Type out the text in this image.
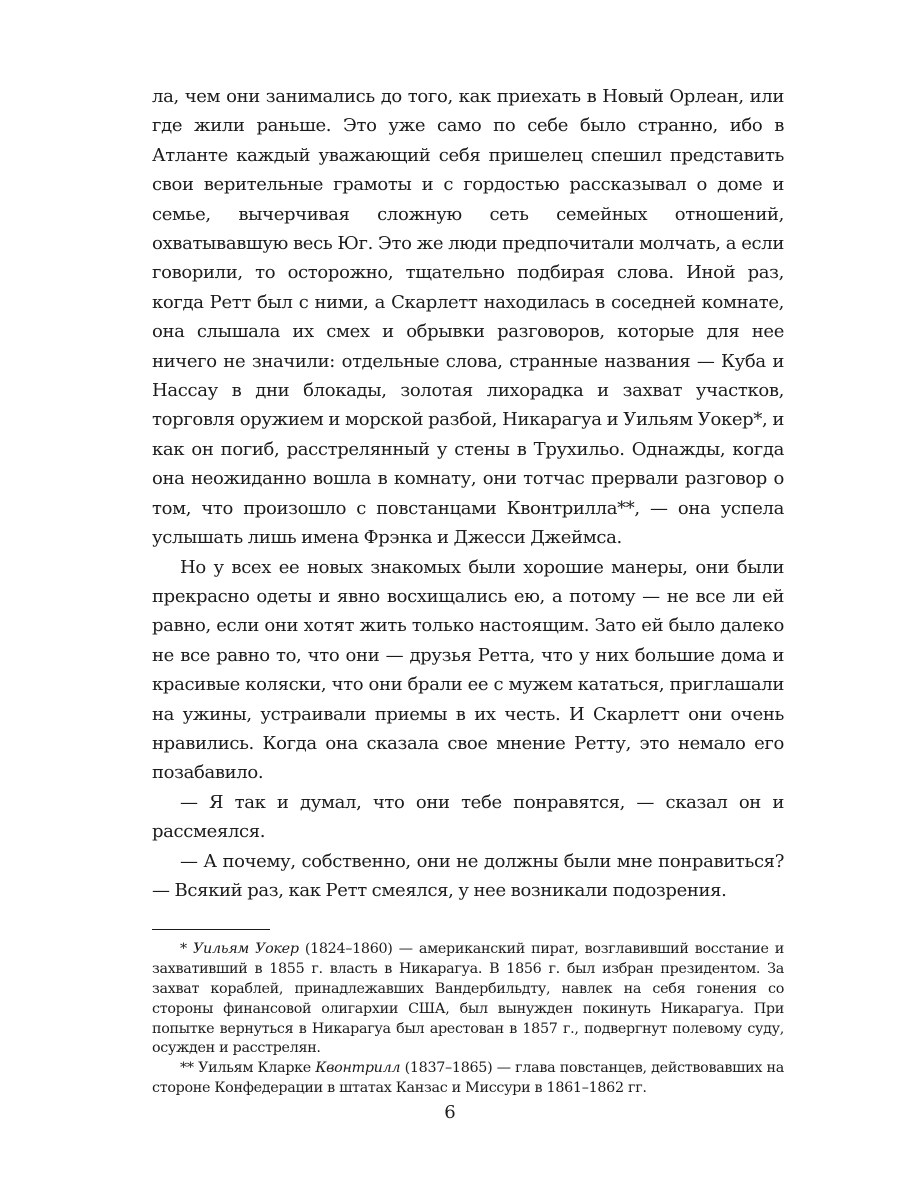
ла, чем они занимались до того, как приехать в Новый Орлеан, или где жили раньше. Это уже само по себе было странно, ибо в Атланте каждый уважающий себя пришелец спешил представить свои верительные грамоты и с гордостью рассказывал о доме и семье, вычерчивая сложную сеть семейных отношений, охватывавшую весь Юг. Это же люди предпочитали молчать, а если говорили, то осторожно, тщательно подбирая слова. Иной раз, когда Ретт был с ними, а Скарлетт находилась в соседней комнате, она слышала их смех и обрывки разговоров, которые для нее ничего не значили: отдельные слова, странные названия — Куба и Нассау в дни блокады, золотая лихорадка и захват участков, торговля оружием и морской разбой, Никарагуа и Уильям Уокер*, и как он погиб, расстрелянный у стены в Трухильо. Однажды, когда она неожиданно вошла в комнату, они тотчас прервали разговор о том, что произошло с повстанцами Квонтрилла**, — она успела услышать лишь имена Фрэнка и Джесси Джеймса.

Но у всех ее новых знакомых были хорошие манеры, они были прекрасно одеты и явно восхищались ею, а потому — не все ли ей равно, если они хотят жить только настоящим. Зато ей было далеко не все равно то, что они — друзья Ретта, что у них большие дома и красивые коляски, что они брали ее с мужем кататься, приглашали на ужины, устраивали приемы в их честь. И Скарлетт они очень нравились. Когда она сказала свое мнение Ретту, это немало его позабавило.

— Я так и думал, что они тебе понравятся, — сказал он и рассмеялся.

— А почему, собственно, они не должны были мне понравиться? — Всякий раз, как Ретт смеялся, у нее возникали подозрения.

* Уильям Уокер (1824–1860) — американский пират, возглавивший восстание и захвативший в 1855 г. власть в Никарагуа. В 1856 г. был избран президентом. За захват кораблей, принадлежавших Вандербильдту, навлек на себя гонения со стороны финансовой олигархии США, был вынужден покинуть Никарагуа. При попытке вернуться в Никарагуа был арестован в 1857 г., подвергнут полевому суду, осужден и расстрелян.

** Уильям Кларке Квонтрилл (1837–1865) — глава повстанцев, действовавших на стороне Конфедерации в штатах Канзас и Миссури в 1861–1862 гг.

6
